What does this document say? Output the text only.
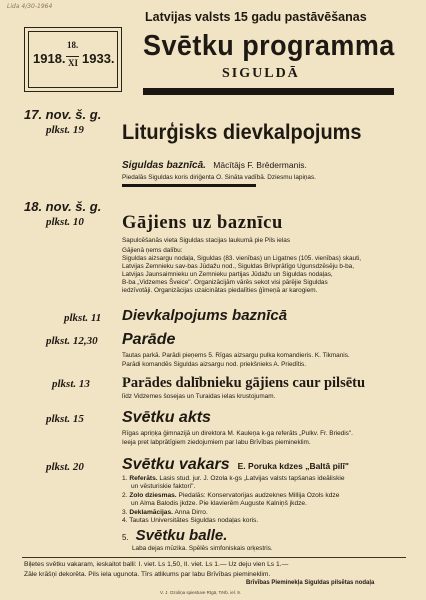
Lida 4/30-1964
1918.
18.
XI 1933.
Latvijas valsts 15 gadu pastāvēšanas
Svētku programma
SIGULDĀ
17. nov. š. g.
plkst. 19 Liturģisks dievkalpojums
Siguldas baznīcā. Mācītājs F. Brēdermanis.
Piedalās Siguldas koris diriģenta O. Sināta vadībā. Dziesmu lapiņas.
18. nov. š. g.
plkst. 10 Gājiens uz baznīcu
Sapulcēšanās vieta Siguldas stacijas laukumā pie Pils ielas
Gājienā ņems dalību:
Siguldas aizsargu nodaļa, Siguldas (83. vienības) un Ligatnes (105. vienības) skauti,
Latvijas Zemnieku sav-bas Jūdažu nod., Siguldas Brīvprātīgo Ugunsdzēsēju b-ba,
Latvijas Jaunsaimnieku un Zemnieku partijas Jūdažu un Siguldas nodaļas,
B-ba „Vidzemes Šveice". Organizācijām vārēs sekot visi pārējie Siguldas
iedzīvotāji. Organizācijas uzaicinātas piedalīties ģīmeņā ar karogiem.
plkst. 11 Dievkalpojums baznīcā
plkst. 12,30 Parāde
Tautas parkā. Parādi pieņems 5. Rīgas aizsargu pulka komandieris. K. Tikmanis.
Parādi komandēs Siguldas aizsargu nod. priekšnieks A. Priedītis.
plkst. 13 Parādes dalībnieku gājiens caur pilsētu
līdz Vidzemes šosejas un Turaidas ielas krustojumam.
plkst. 15 Svētku akts
Rīgas apriņķa ģimnazijā un direktora M. Kauleņa k-ga referāts „Pulkv. Fr. Briedis".
Ieeja pret labprātīgiem ziedojumiem par labu Brīvības piemineklim.
plkst. 20 Svētku vakars E. Poruka kdzes „Baltā pilī"
1. Referāts. Lasis stud. jur. J. Ozola k-gs „Latvijas valsts tapšanas ideāliskie
un vēsturiskie faktori".
2. Zolo dziesmas. Piedalās: Konservatorijas audzeknes Millija Ozols kdze
un Alma Balodis jkdze. Pie klavierēm Auguste Kalniņš jkdze.
3. Deklamācijas. Anna Dirro.
4. Tautas Universitātes Siguldas nodaļas koris.
5. Svētku balle.
Laba dejas mūzika. Spēlēs simfoniskais orķestris.
Biļetes svētku vakaram, ieskaitot balli: I. viet. Ls 1,50, II. viet. Ls 1.— Uz deju vien Ls 1.—
Zāle krāšņi dekorēta. Pils iela ugunota. Tīrs atlikums par labu Brīvības piemineklim.
Brīvības Pieminekļa Siguldas pilsētas nodaļa
V. J. Ozoliņa spiestuve Rīgā, Tērb. iel. 9.
